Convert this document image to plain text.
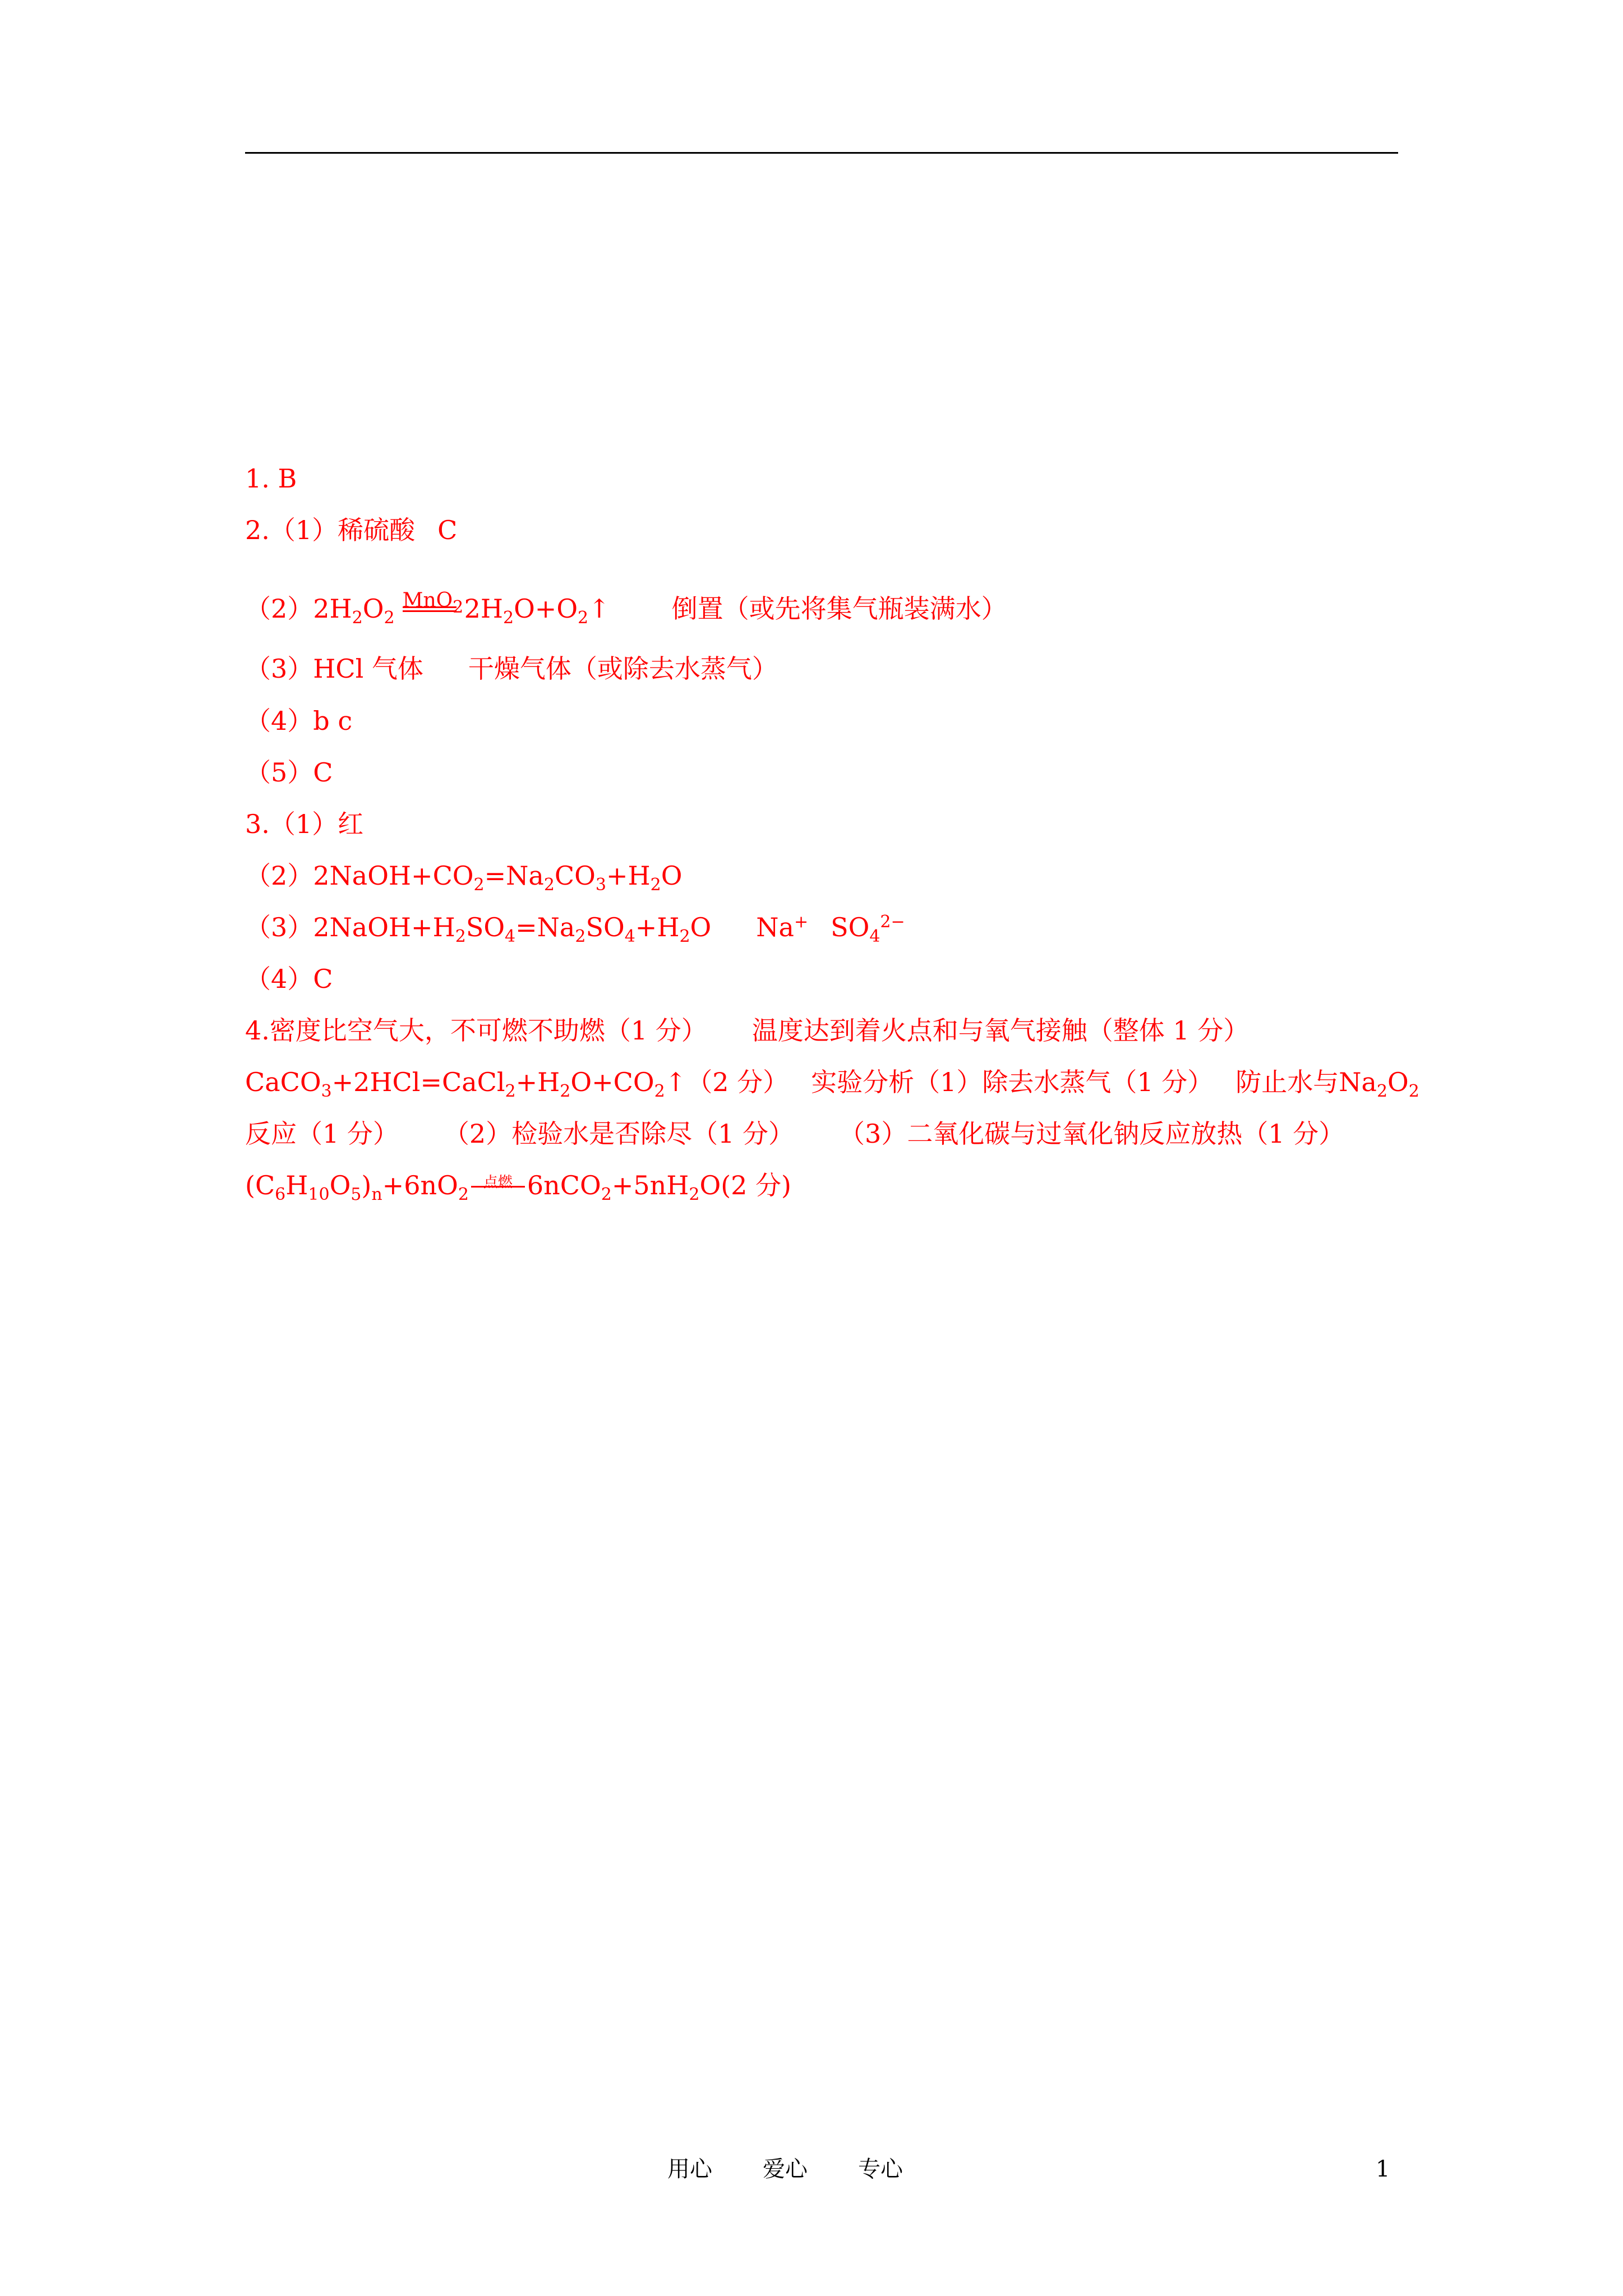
1. B
2.（1）稀硫酸 C
$(2)2H_2O_2$
MnO$_2$ $2H_2O+O_2↑$ 倒置（或先将集气瓶装满水）
（3）HCl 气体 干燥气体（或除去水蒸气）
（4）b c
（5）C
3.（1）红
$(2)2NaOH+CO_2=Na_2CO_3+H_2O$
$(3)2NaOH+H_2SO_4=Na_2SO_4+H_2O$ Na+ $SO_4^{2-}$
（4）C
4.密度比空气大，不可燃不助燃（1 分） 温度达到着火点和与氧气接触（整体 1 分）
$CaCO_3+2HCl=CaCl_2+H_2O+CO_2↑(2$ 分） 实验分析（1）除去水蒸气（1 分） 防止水与$Na_2O_2$
反应（1 分） （2）检验水是否除尽（1 分） （3）二氧化碳与过氧化钠反应放热（1 分）
$(C_6H_{10}O_5)_n+6nO_2$
点燃 $6nCO_2+5nH_2O(2$ 分)
用心 爱心 专心	1
